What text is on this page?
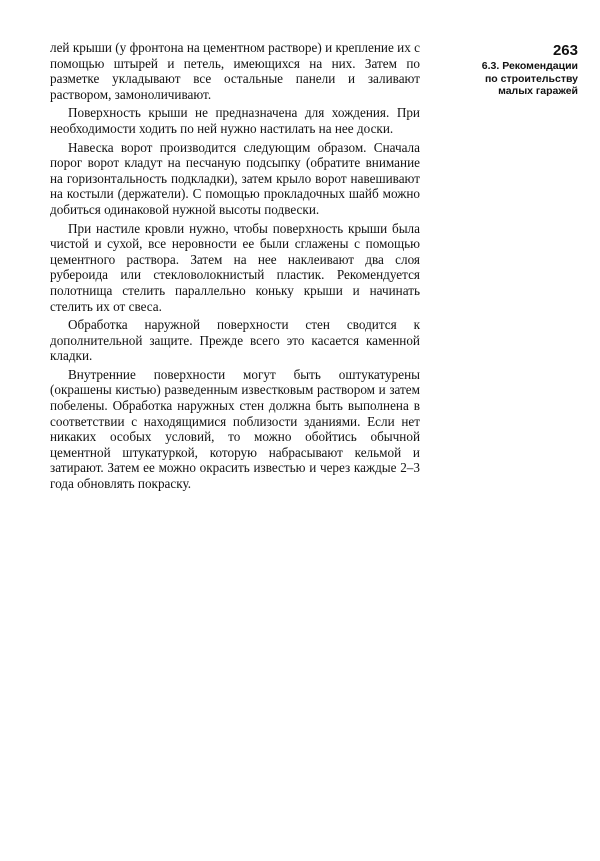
лей крыши (у фронтона на цементном растворе) и крепление их с помощью штырей и петель, имеющихся на них. Затем по разметке укладывают все остальные панели и заливают раствором, замоноличивают.

Поверхность крыши не предназначена для хождения. При необходимости ходить по ней нужно настилать на нее доски.

Навеска ворот производится следующим образом. Сначала порог ворот кладут на песчаную подсыпку (обратите внимание на горизонтальность подкладки), затем крыло ворот навешивают на костыли (держатели). С помощью прокладочных шайб можно добиться одинаковой нужной высоты подвески.

При настиле кровли нужно, чтобы поверхность крыши была чистой и сухой, все неровности ее были сглажены с помощью цементного раствора. Затем на нее наклеивают два слоя рубероида или стекловолокнистый пластик. Рекомендуется полотнища стелить параллельно коньку крыши и начинать стелить их от свеса.

Обработка наружной поверхности стен сводится к дополнительной защите. Прежде всего это касается каменной кладки.

Внутренние поверхности могут быть оштукатурены (окрашены кистью) разведенным известковым раствором и затем побелены. Обработка наружных стен должна быть выполнена в соответствии с находящимися поблизости зданиями. Если нет никаких особых условий, то можно обойтись обычной цементной штукатуркой, которую набрасывают кельмой и затирают. Затем ее можно окрасить известью и через каждые 2–3 года обновлять покраску.

263
6.3. Рекомендации
по строительству
малых гаражей
